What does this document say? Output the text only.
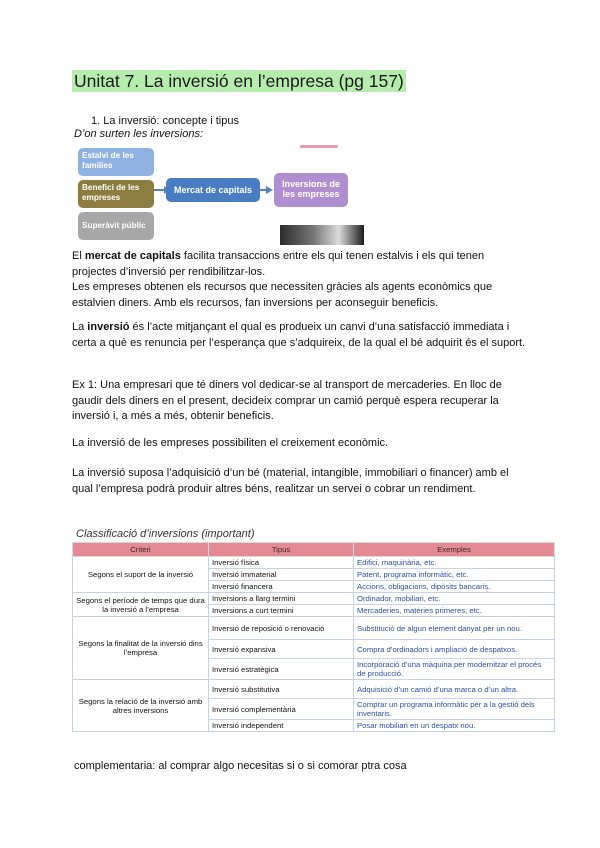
Unitat 7. La inversió en l’empresa (pg 157)
1. La inversió: concepte i tipus
D’on surten les inversions:
Estalvi de les famílies
Benefici de les empreses
Superàvit públic
Mercat de capitals
Inversions de les empreses
El mercat de capitals facilita transaccions entre els qui tenen estalvis i els qui tenen projectes d’inversió per rendibilitzar-los.
Les empreses obtenen els recursos que necessiten gràcies als agents econòmics que estalvien diners. Amb els recursos, fan inversions per aconseguir beneficis.
La inversió és l’acte mitjançant el qual es produeix un canvi d’una satisfacció immediata i certa a què es renuncia per l’esperança que s’adquireix, de la qual el bé adquirit és el suport.
Ex 1: Una empresari que té diners vol dedicar-se al transport de mercaderies. En lloc de gaudir dels diners en el present, decideix comprar un camió perquè espera recuperar la inversió i, a més a més, obtenir beneficis.
La inversió de les empreses possibiliten el creixement econòmic.
La inversió suposa l’adquisició d’un bé (material, intangible, immobiliari o financer) amb el qual l’empresa podrà produir altres béns, realitzar un servei o cobrar un rendiment.
Classificació d’inversions (important)
Criteri	Tipus	Exemples
Segons el suport de la inversió	Inversió física	Edifici, maquinària, etc.
	Inversió immaterial	Patent, programa informàtic, etc.
	Inversió financera	Accions, obligacions, dipòsits bancaris.
Segons el període de temps que dura la inversió a l’empresa	Inversions a llarg termini	Ordinador, mobiliari, etc.
	Inversions a curt termini	Mercaderies, matèries primeres, etc.
Segons la finalitat de la inversió dins l’empresa	Inversió de reposició o renovació	Substitució de algun element danyat per un nou.
	Inversió expansiva	Compra d’ordinadors i ampliació de despatxos.
	Inversió estratègica	Incorporació d’una màquina per modernitzar el procés de producció.
Segons la relació de la inversió amb altres inversions	Inversió substitutiva	Adquisició d’un camió d’una marca o d’un altra.
	Inversió complementària	Comprar un programa informàtic per a la gestió dels inventaris.
	Inversió independent	Posar mobiliari en un despatx nou.
complementaria: al comprar algo necesitas si o si comorar ptra cosa
